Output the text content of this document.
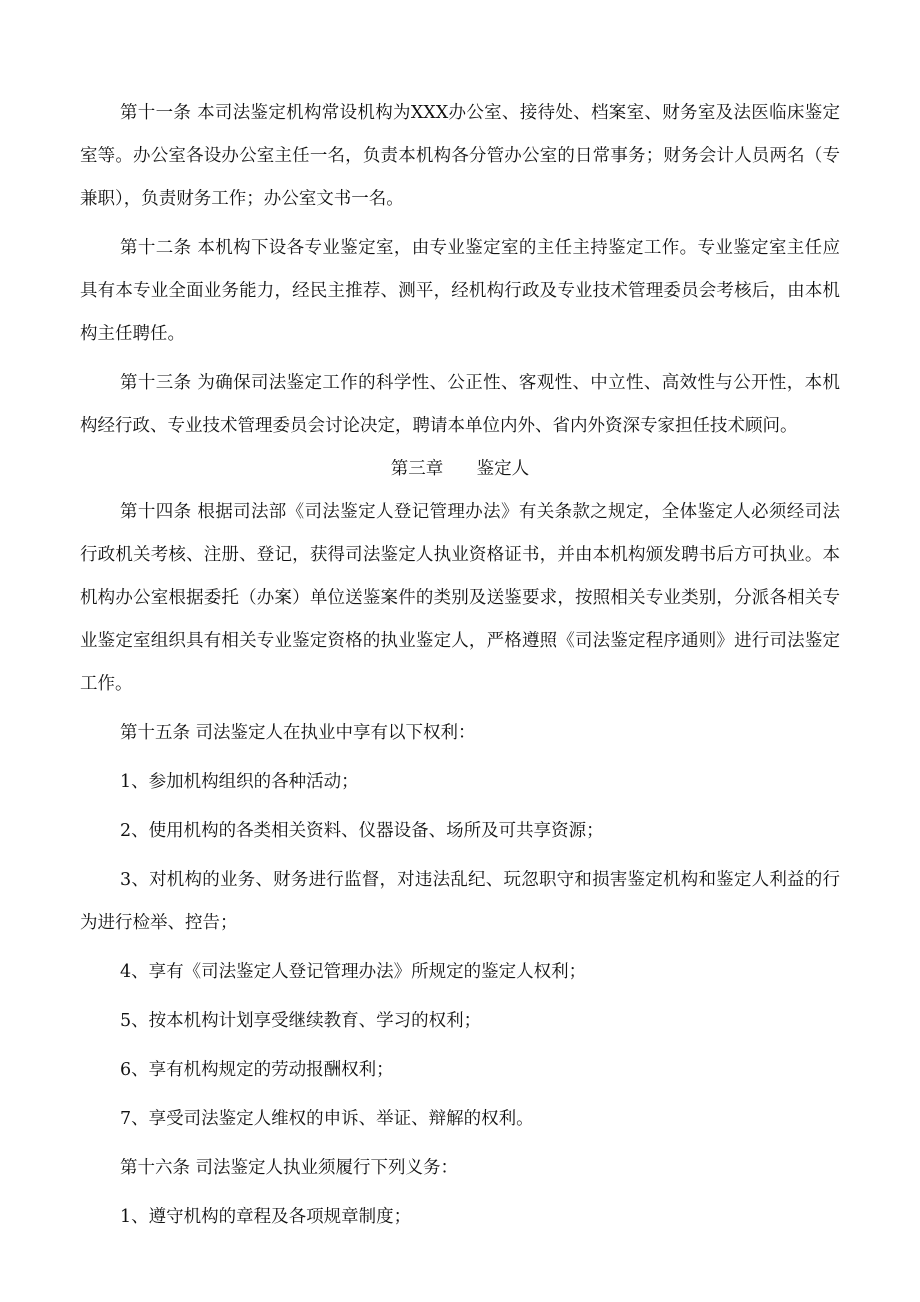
第十一条 本司法鉴定机构常设机构为XXX办公室、接待处、档案室、财务室及法医临床鉴定室等。办公室各设办公室主任一名，负责本机构各分管办公室的日常事务；财务会计人员两名（专兼职），负责财务工作；办公室文书一名。

第十二条 本机构下设各专业鉴定室，由专业鉴定室的主任主持鉴定工作。专业鉴定室主任应具有本专业全面业务能力，经民主推荐、测平，经机构行政及专业技术管理委员会考核后，由本机构主任聘任。

第十三条 为确保司法鉴定工作的科学性、公正性、客观性、中立性、高效性与公开性，本机构经行政、专业技术管理委员会讨论决定，聘请本单位内外、省内外资深专家担任技术顾问。

第三章      鉴定人

第十四条 根据司法部《司法鉴定人登记管理办法》有关条款之规定，全体鉴定人必须经司法行政机关考核、注册、登记，获得司法鉴定人执业资格证书，并由本机构颁发聘书后方可执业。本机构办公室根据委托（办案）单位送鉴案件的类别及送鉴要求，按照相关专业类别，分派各相关专业鉴定室组织具有相关专业鉴定资格的执业鉴定人，严格遵照《司法鉴定程序通则》进行司法鉴定工作。

第十五条 司法鉴定人在执业中享有以下权利：

1、参加机构组织的各种活动；

2、使用机构的各类相关资料、仪器设备、场所及可共享资源；

3、对机构的业务、财务进行监督，对违法乱纪、玩忽职守和损害鉴定机构和鉴定人利益的行为进行检举、控告；

4、享有《司法鉴定人登记管理办法》所规定的鉴定人权利；

5、按本机构计划享受继续教育、学习的权利；

6、享有机构规定的劳动报酬权利；

7、享受司法鉴定人维权的申诉、举证、辩解的权利。

第十六条 司法鉴定人执业须履行下列义务：

1、遵守机构的章程及各项规章制度；
